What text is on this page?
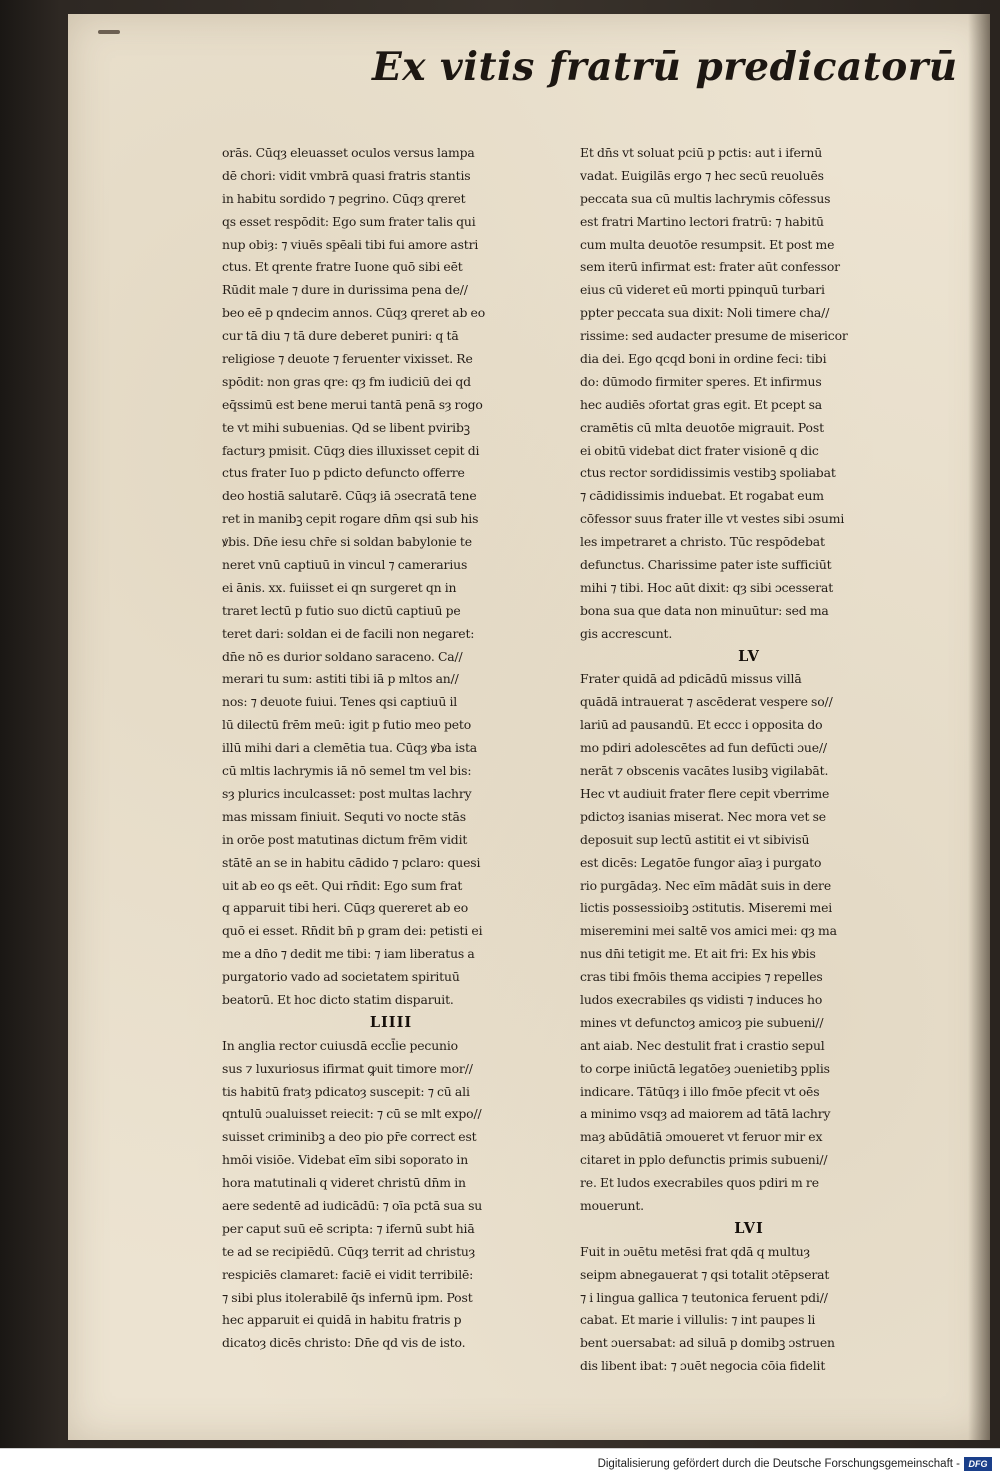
Ex vitis fratrū predicatorū
orās. Cūqȝ eleuasset oculos versus lampa
dē chori: vidit vmbrā quasi fratris stantis
in habitu sordido ⁊ pegrino. Cūqȝ qreret
qs esset respōdit: Ego sum frater talis qui
nup obiȝ: ⁊ viuēs spēali tibi fui amore astri
ctus. Et qrente fratre Iuone quō sibi eēt
Rūdit male ⁊ dure in durissima pena de//
beo eē p qndecim annos. Cūqȝ qreret ab eo
cur tā diu ⁊ tā dure deberet puniri: q tā
religiose ⁊ deuote ⁊ feruenter vixisset. Re
spōdit: non gras qre: qȝ fm iudiciū dei qd
eq̄ssimū est bene merui tantā penā sȝ rogo
te vt mihi subuenias. Qd se libent pviribꝫ
facturȝ pmisit. Cūqȝ dies illuxisset cepit di
ctus frater Iuo p pdicto defuncto offerre
deo hostiā salutarē. Cūqȝ iā ɔsecratā tene
ret in manibꝫ cepit rogare dn̄m qsi sub his
ꝟbis. Dn̄e iesu chr̄e si soldan babylonie te
neret vnū captiuū in vincul ⁊ camerarius
ei ānis. xx. fuiisset ei qn surgeret qn in
traret lectū p futio suo dictū captiuū pe
teret dari: soldan ei de facili non negaret:
dn̄e nō es durior soldano saraceno. Ca//
merari tu sum: astiti tibi iā p mltos an//
nos: ⁊ deuote fuiui. Tenes qsi captiuū il
lū dilectū frēm meū: igit p futio meo peto
illū mihi dari a clemētia tua. Cūqȝ ꝟba ista
cū mltis lachrymis iā nō semel tm vel bis:
sȝ plurics inculcasset: post multas lachry
mas missam finiuit. Sequti vo nocte stās
in orōe post matutinas dictum frēm vidit
stātē an se in habitu cādido ⁊ pclaro: quesi
uit ab eo qs eēt. Qui rn̄dit: Ego sum frat
q apparuit tibi heri. Cūqȝ quereret ab eo
quō ei esset. Rn̄dit bn̄ p gram dei: petisti ei
me a dn̄o ⁊ dedit me tibi: ⁊ iam liberatus a
purgatorio vado ad societatem spirituū
beatorū. Et hoc dicto statim disparuit.
LIIII
In anglia rector cuiusdā eccl̄ie pecunio
sus ⁊ luxuriosus ifirmat ꝙuit timore mor//
tis habitū fratȝ pdicatoȝ suscepit: ⁊ cū ali
qntulū ɔualuisset reiecit: ⁊ cū se mlt expo//
suisset criminibꝫ a deo pio pr̄e correct est
hmōi visiōe. Videbat eīm sibi soporato in
hora matutinali q videret christū dn̄m in
aere sedentē ad iudicādū: ⁊ oīa pctā sua su
per caput suū eē scripta: ⁊ ifernū subt hiā
te ad se recipiēdū. Cūqȝ territ ad christuȝ
respiciēs clamaret: faciē ei vidit terribilē:
⁊ sibi plus itolerabilē q̄s infernū ipm. Post
hec apparuit ei quidā in habitu fratris p
dicatoȝ dicēs christo: Dn̄e qd vis de isto.
Et dn̄s vt soluat pciū p pctis: aut i ifernū
vadat. Euigilās ergo ⁊ hec secū reuoluēs
peccata sua cū multis lachrymis cōfessus
est fratri Martino lectori fratrū: ⁊ habitū
cum multa deuotōe resumpsit. Et post me
sem iterū infirmat est: frater aūt confessor
eius cū videret eū morti ppinquū turbari
ppter peccata sua dixit: Noli timere cha//
rissime: sed audacter presume de misericor
dia dei. Ego qcqd boni in ordine feci: tibi
do: dūmodo firmiter speres. Et infirmus
hec audiēs ɔfortat gras egit. Et pcept sa
cramētis cū mlta deuotōe migrauit. Post
ei obitū videbat dict frater visionē q dic
ctus rector sordidissimis vestibꝫ spoliabat
⁊ cādidissimis induebat. Et rogabat eum
cōfessor suus frater ille vt vestes sibi ɔsumi
les impetraret a christo. Tūc respōdebat
defunctus. Charissime pater iste sufficiūt
mihi ⁊ tibi. Hoc aūt dixit: qȝ sibi ɔcesserat
bona sua que data non minuūtur: sed ma
gis accrescunt.
LV
Frater quidā ad pdicādū missus villā
quādā intrauerat ⁊ ascēderat vespere so//
lariū ad pausandū. Et eccc i opposita do
mo pdiri adolescētes ad fun defūcti ɔue//
nerāt ⁊ obscenis vacātes lusibꝫ vigilabāt.
Hec vt audiuit frater flere cepit vberrime
pdictoȝ isanias miserat. Nec mora vet se
deposuit sup lectū astitit ei vt sibivisū
est dicēs: Legatōe fungor aīaȝ i purgato
rio purgādaȝ. Nec eīm mādāt suis in dere
lictis possessioibꝫ ɔstitutis. Miseremi mei
miseremini mei saltē vos amici mei: qȝ ma
nus dn̄i tetigit me. Et ait fri: Ex his ꝟbis
cras tibi fmōis thema accipies ⁊ repelles
ludos execrabiles qs vidisti ⁊ induces ho
mines vt defunctoȝ amicoȝ pie subueni//
ant aiab. Nec destulit frat i crastio sepul
to corpe iniūctā legatōeȝ ɔuenietibꝫ pplis
indicare. Tātūqȝ i illo fmōe pfecit vt oēs
a minimo vsqȝ ad maiorem ad tātā lachry
maȝ abūdātiā ɔmoueret vt feruor mir ex
citaret in pplo defunctis primis subueni//
re. Et ludos execrabiles quos pdiri m re
mouerunt.
LVI
Fuit in ɔuētu metēsi frat qdā q multuȝ
seipm abnegauerat ⁊ qsi totalit ɔtēpserat
⁊ i lingua gallica ⁊ teutonica feruent pdi//
cabat. Et marie i villulis: ⁊ int paupes li
bent ɔuersabat: ad siluā p domibꝫ ɔstruen
dis libent ibat: ⁊ ɔuēt negocia cōia fidelit
Digitalisierung gefördert durch die Deutsche Forschungsgemeinschaft - DFG
